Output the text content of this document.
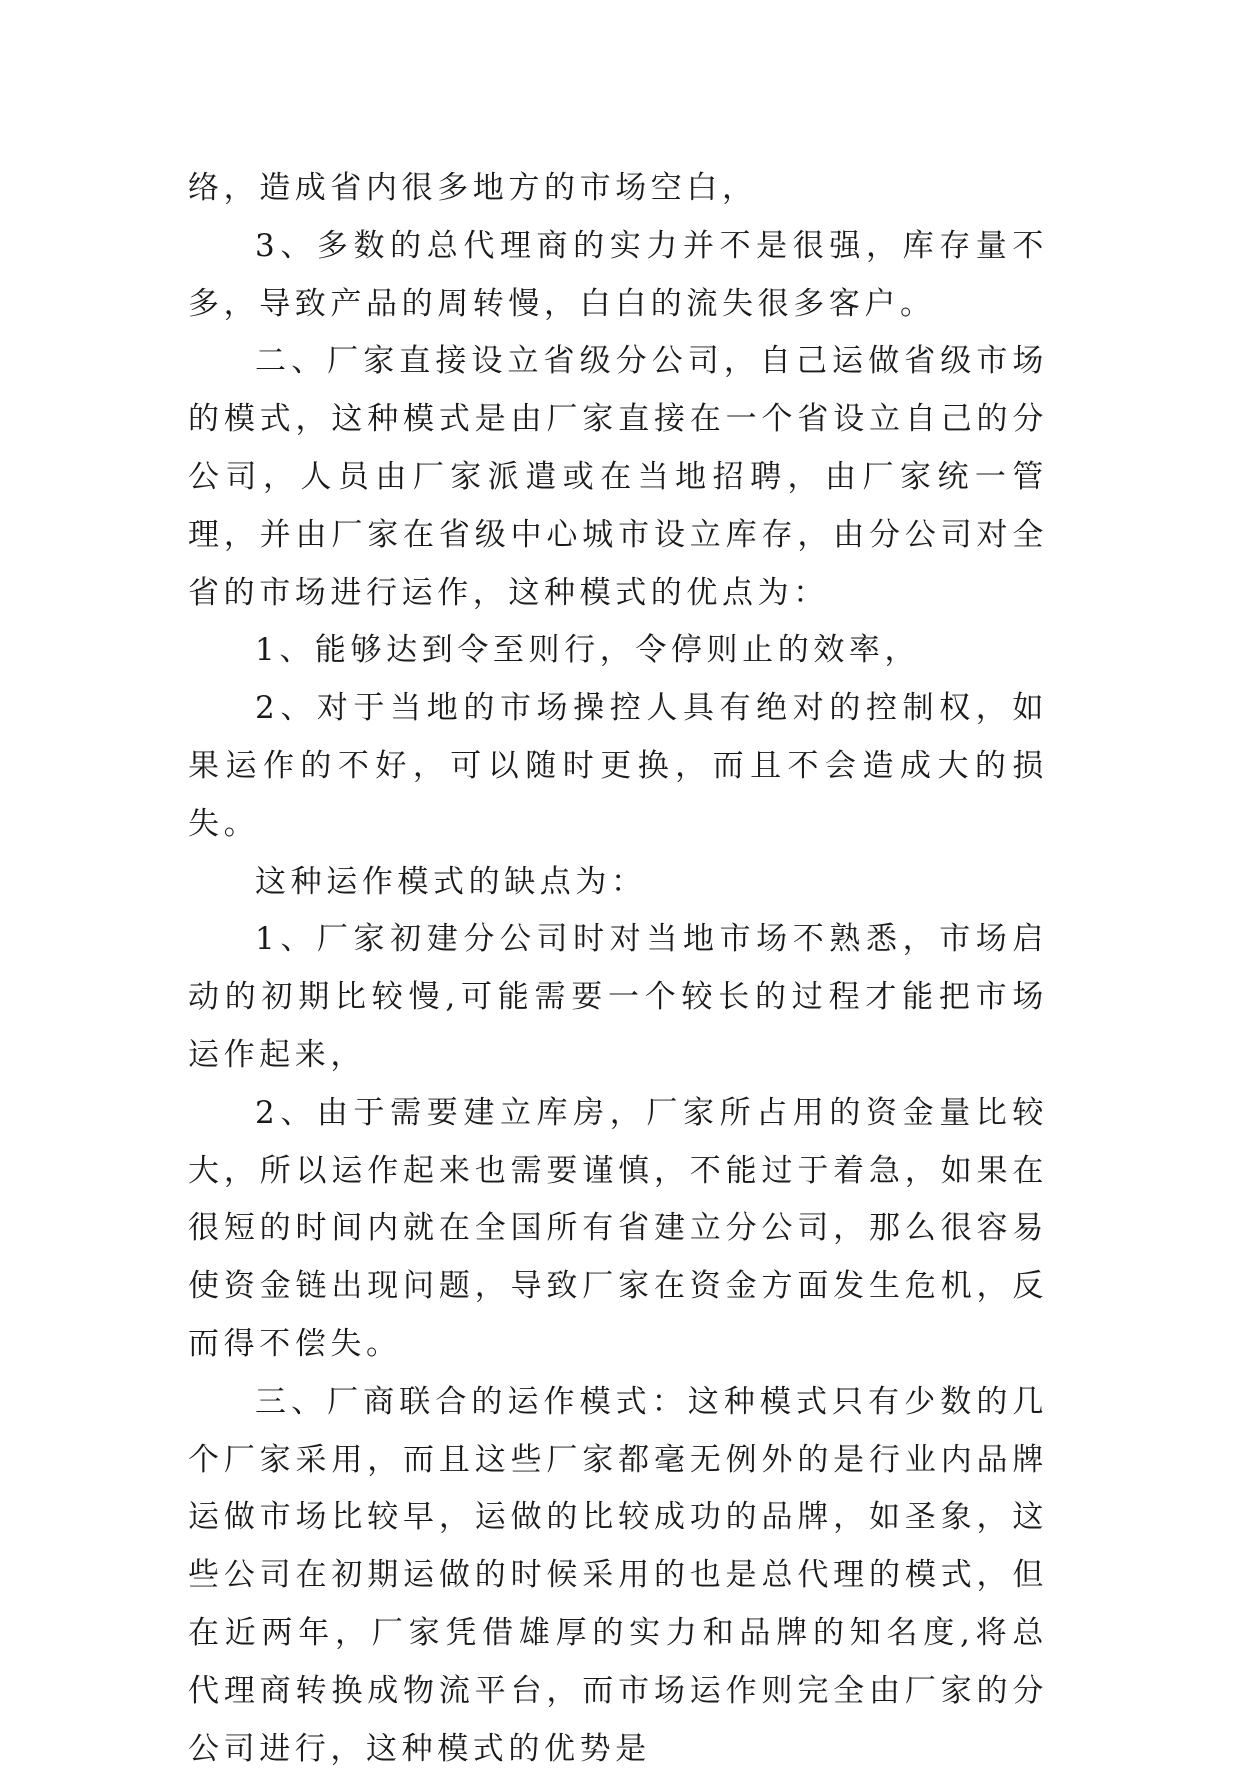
络，造成省内很多地方的市场空白，

3、多数的总代理商的实力并不是很强，库存量不多，导致产品的周转慢，白白的流失很多客户。

二、厂家直接设立省级分公司，自己运做省级市场的模式，这种模式是由厂家直接在一个省设立自己的分公司，人员由厂家派遣或在当地招聘，由厂家统一管理，并由厂家在省级中心城市设立库存，由分公司对全省的市场进行运作，这种模式的优点为：

1、能够达到令至则行，令停则止的效率，

2、对于当地的市场操控人具有绝对的控制权，如果运作的不好，可以随时更换，而且不会造成大的损失。

这种运作模式的缺点为：

1、厂家初建分公司时对当地市场不熟悉，市场启动的初期比较慢,可能需要一个较长的过程才能把市场运作起来，

2、由于需要建立库房，厂家所占用的资金量比较大，所以运作起来也需要谨慎，不能过于着急，如果在很短的时间内就在全国所有省建立分公司，那么很容易使资金链出现问题，导致厂家在资金方面发生危机，反而得不偿失。

三、厂商联合的运作模式：这种模式只有少数的几个厂家采用，而且这些厂家都毫无例外的是行业内品牌运做市场比较早，运做的比较成功的品牌，如圣象，这些公司在初期运做的时候采用的也是总代理的模式，但在近两年，厂家凭借雄厚的实力和品牌的知名度,将总代理商转换成物流平台，而市场运作则完全由厂家的分公司进行，这种模式的优势是
